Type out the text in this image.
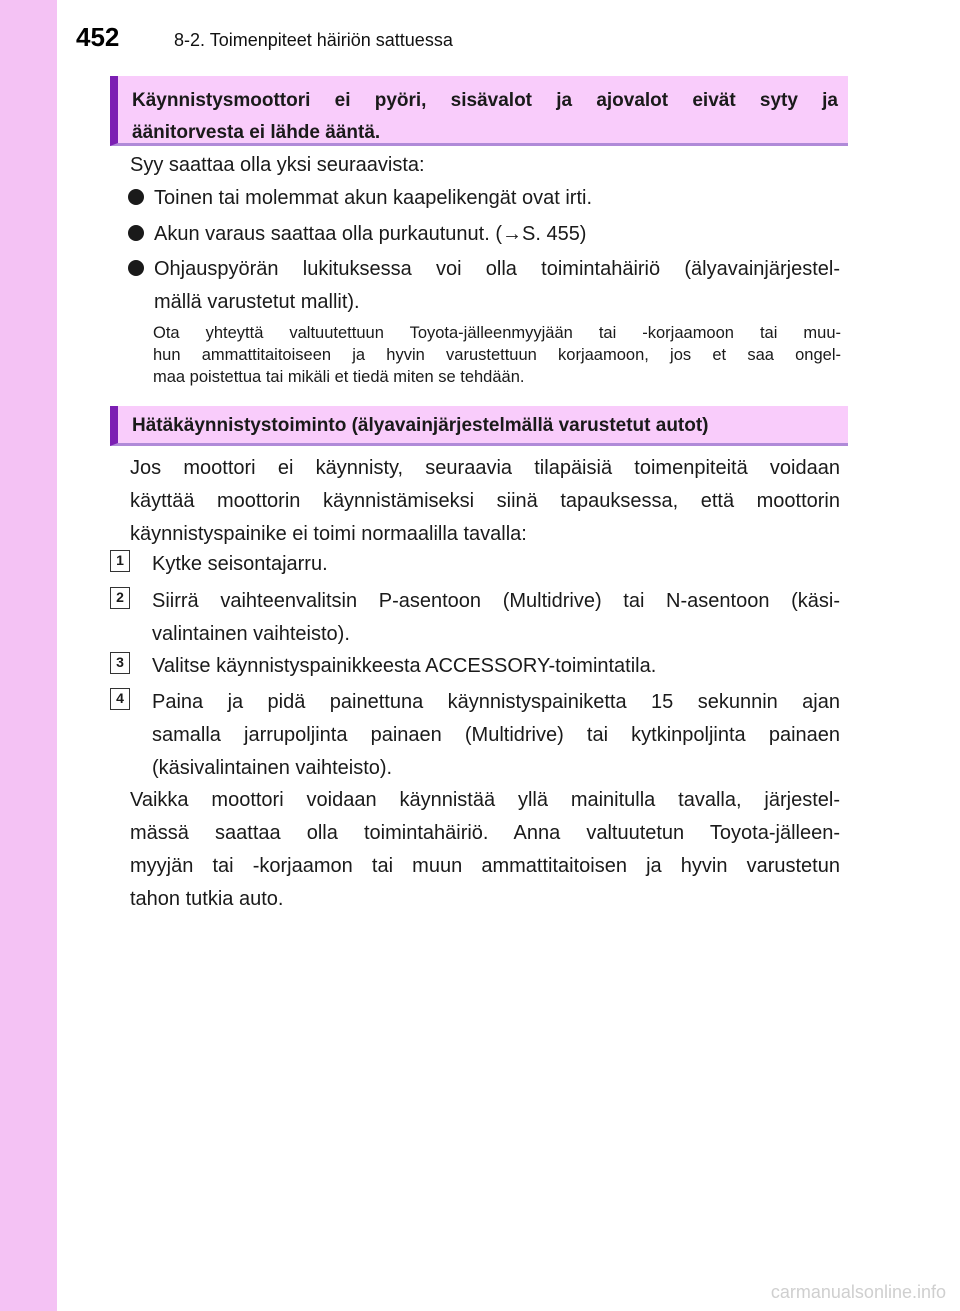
452	8-2. Toimenpiteet häiriön sattuessa
Käynnistysmoottori ei pyöri, sisävalot ja ajovalot eivät syty ja
äänitorvesta ei lähde ääntä.
Syy saattaa olla yksi seuraavista:
Toinen tai molemmat akun kaapelikengät ovat irti.
Akun varaus saattaa olla purkautunut. (→S. 455)
Ohjauspyörän lukituksessa voi olla toimintahäiriö (älyavainjärjestel-
mällä varustetut mallit).
Ota yhteyttä valtuutettuun Toyota-jälleenmyyjään tai -korjaamoon tai muu-
hun ammattitaitoiseen ja hyvin varustettuun korjaamoon, jos et saa ongel-
maa poistettua tai mikäli et tiedä miten se tehdään.
Hätäkäynnistystoiminto (älyavainjärjestelmällä varustetut autot)
Jos moottori ei käynnisty, seuraavia tilapäisiä toimenpiteitä voidaan
käyttää moottorin käynnistämiseksi siinä tapauksessa, että moottorin
käynnistyspainike ei toimi normaalilla tavalla:
1	Kytke seisontajarru.
2	Siirrä vaihteenvalitsin P-asentoon (Multidrive) tai N-asentoon (käsi-
valintainen vaihteisto).
3	Valitse käynnistyspainikkeesta ACCESSORY-toimintatila.
4	Paina ja pidä painettuna käynnistyspainiketta 15 sekunnin ajan
samalla jarrupoljinta painaen (Multidrive) tai kytkinpoljinta painaen
(käsivalintainen vaihteisto).
Vaikka moottori voidaan käynnistää yllä mainitulla tavalla, järjestel-
mässä saattaa olla toimintahäiriö. Anna valtuutetun Toyota-jälleen-
myyjän tai -korjaamon tai muun ammattitaitoisen ja hyvin varustetun
tahon tutkia auto.
carmanualsonline.info
